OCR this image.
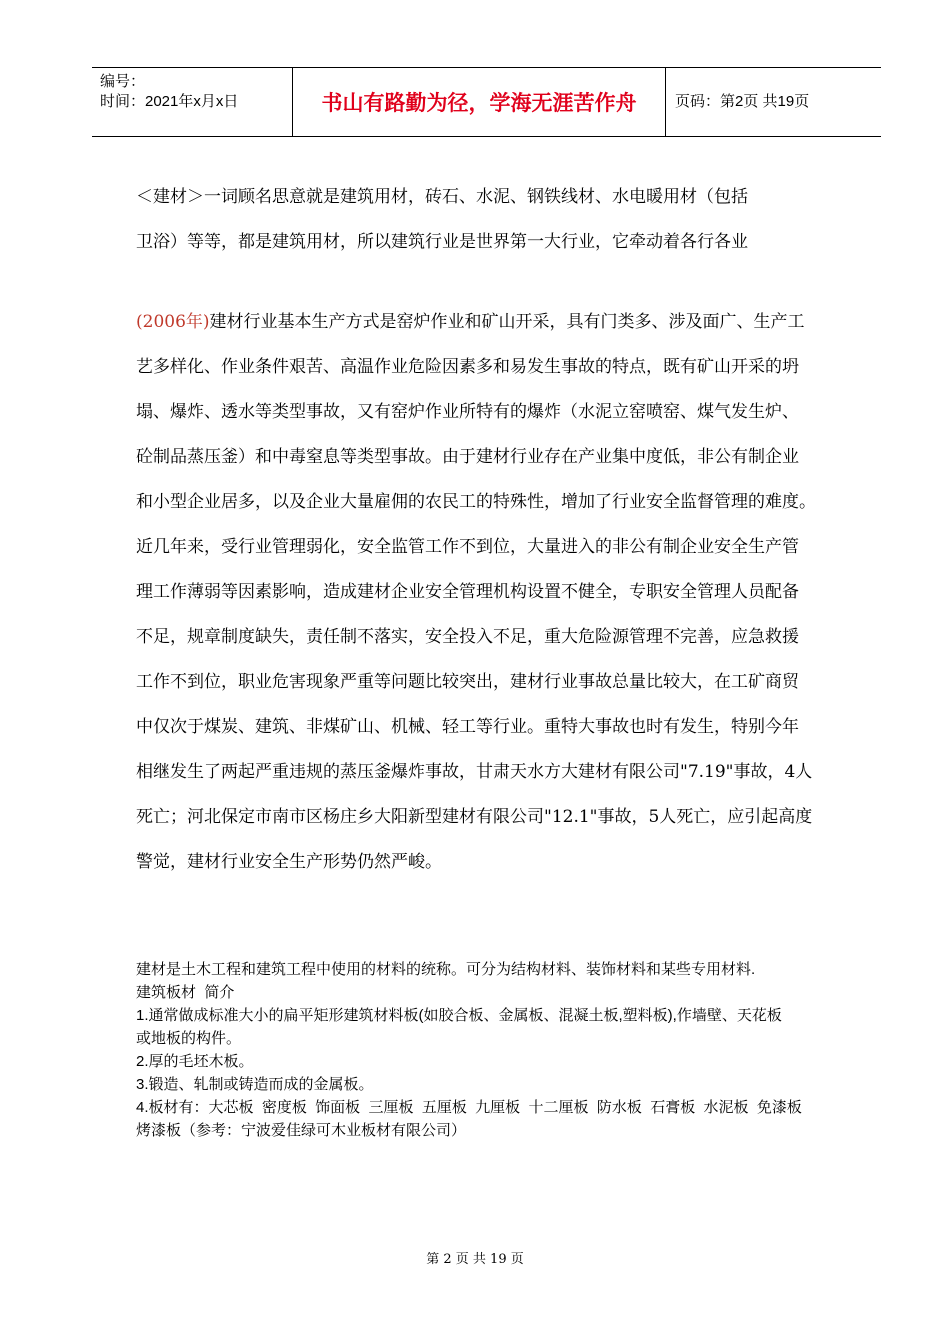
编号：
时间：2021年x月x日	书山有路勤为径，学海无涯苦作舟	页码：第2页 共19页
＜建材＞一词顾名思意就是建筑用材，砖石、水泥、钢铁线材、水电暖用材（包括
卫浴）等等，都是建筑用材，所以建筑行业是世界第一大行业，它牵动着各行各业
(2006年)建材行业基本生产方式是窑炉作业和矿山开采，具有门类多、涉及面广、生产工
艺多样化、作业条件艰苦、高温作业危险因素多和易发生事故的特点，既有矿山开采的坍
塌、爆炸、透水等类型事故，又有窑炉作业所特有的爆炸（水泥立窑喷窑、煤气发生炉、
砼制品蒸压釜）和中毒窒息等类型事故。由于建材行业存在产业集中度低，非公有制企业
和小型企业居多，以及企业大量雇佣的农民工的特殊性，增加了行业安全监督管理的难度。
近几年来，受行业管理弱化，安全监管工作不到位，大量进入的非公有制企业安全生产管
理工作薄弱等因素影响，造成建材企业安全管理机构设置不健全，专职安全管理人员配备
不足，规章制度缺失，责任制不落实，安全投入不足，重大危险源管理不完善，应急救援
工作不到位，职业危害现象严重等问题比较突出，建材行业事故总量比较大，在工矿商贸
中仅次于煤炭、建筑、非煤矿山、机械、轻工等行业。重特大事故也时有发生，特别今年
相继发生了两起严重违规的蒸压釜爆炸事故，甘肃天水方大建材有限公司"7.19"事故，4人
死亡；河北保定市南市区杨庄乡大阳新型建材有限公司"12.1"事故，5人死亡，应引起高度
警觉，建材行业安全生产形势仍然严峻。
建材是土木工程和建筑工程中使用的材料的统称。可分为结构材料、装饰材料和某些专用材料.
建筑板材  简介
1.通常做成标准大小的扁平矩形建筑材料板(如胶合板、金属板、混凝土板,塑料板),作墙壁、天花板
或地板的构件。
2.厚的毛坯木板。
3.锻造、轧制或铸造而成的金属板。
4.板材有：大芯板  密度板  饰面板  三厘板  五厘板  九厘板  十二厘板  防水板  石膏板  水泥板  免漆板
烤漆板（参考：宁波爱佳绿可木业板材有限公司）
第 2 页 共 19 页
